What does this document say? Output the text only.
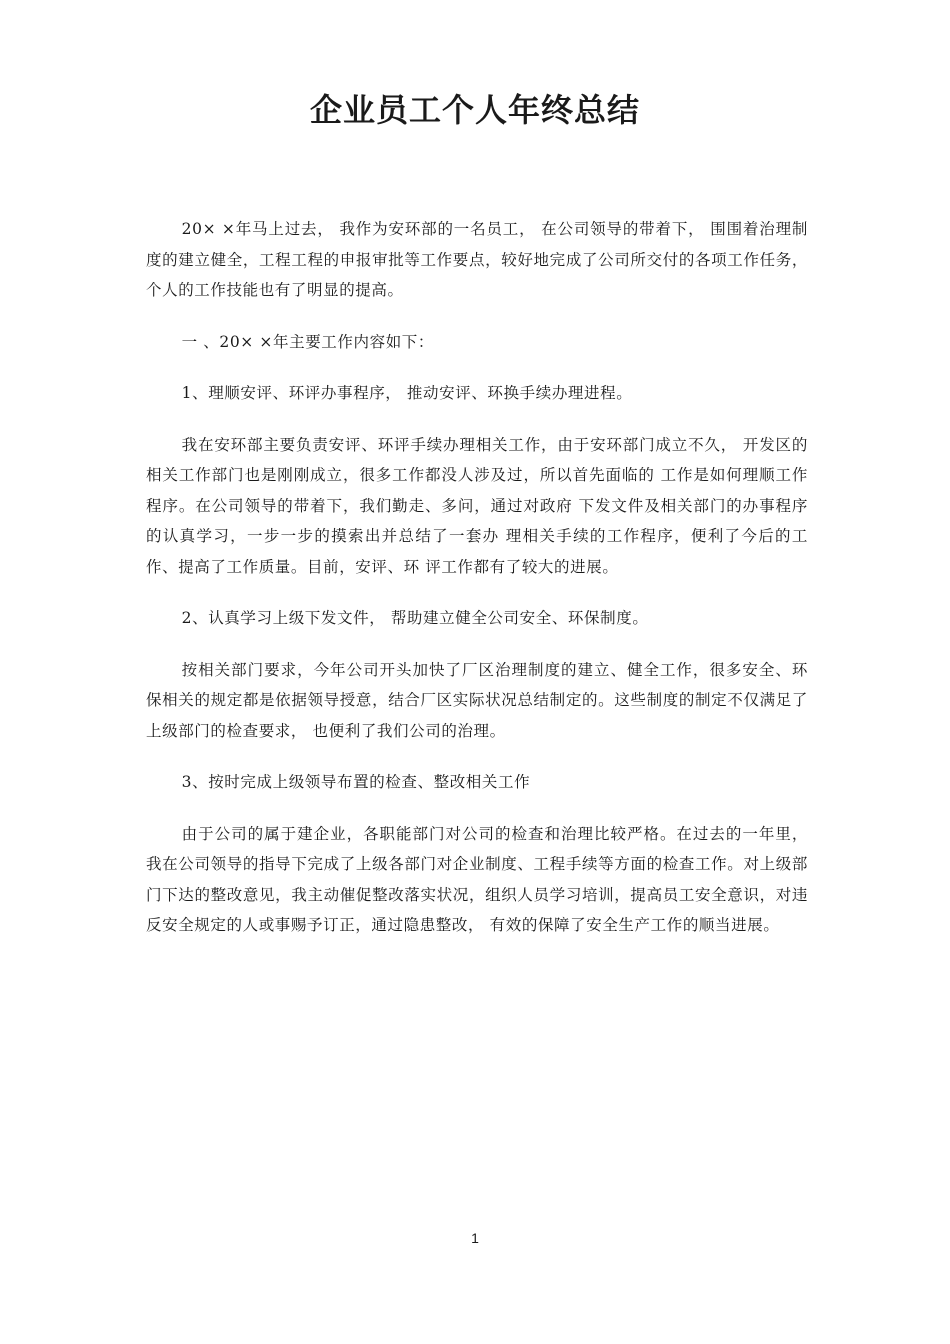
企业员工个人年终总结

20× ×年马上过去， 我作为安环部的一名员工， 在公司领导的带着下， 围围着治理制度的建立健全，工程工程的申报审批等工作要点，较好地完成了公司所交付的各项工作任务， 个人的工作技能也有了明显的提高。

一 、20× ×年主要工作内容如下：

1、理顺安评、环评办事程序， 推动安评、环换手续办理进程。

我在安环部主要负责安评、环评手续办理相关工作，由于安环部门成立不久， 开发区的相关工作部门也是刚刚成立，很多工作都没人涉及过，所以首先面临的 工作是如何理顺工作程序。在公司领导的带着下，我们勤走、多问，通过对政府 下发文件及相关部门的办事程序的认真学习，一步一步的摸索出并总结了一套办 理相关手续的工作程序，便利了今后的工作、提高了工作质量。目前，安评、环 评工作都有了较大的进展。

2、认真学习上级下发文件， 帮助建立健全公司安全、环保制度。

按相关部门要求，今年公司开头加快了厂区治理制度的建立、健全工作，很多安全、环保相关的规定都是依据领导授意，结合厂区实际状况总结制定的。这些制度的制定不仅满足了上级部门的检查要求， 也便利了我们公司的治理。

3、按时完成上级领导布置的检查、整改相关工作

由于公司的属于建企业，各职能部门对公司的检查和治理比较严格。在过去的一年里，我在公司领导的指导下完成了上级各部门对企业制度、工程手续等方面的检查工作。对上级部门下达的整改意见，我主动催促整改落实状况，组织人员学习培训，提高员工安全意识，对违反安全规定的人或事赐予订正，通过隐患整改， 有效的保障了安全生产工作的顺当进展。

1
